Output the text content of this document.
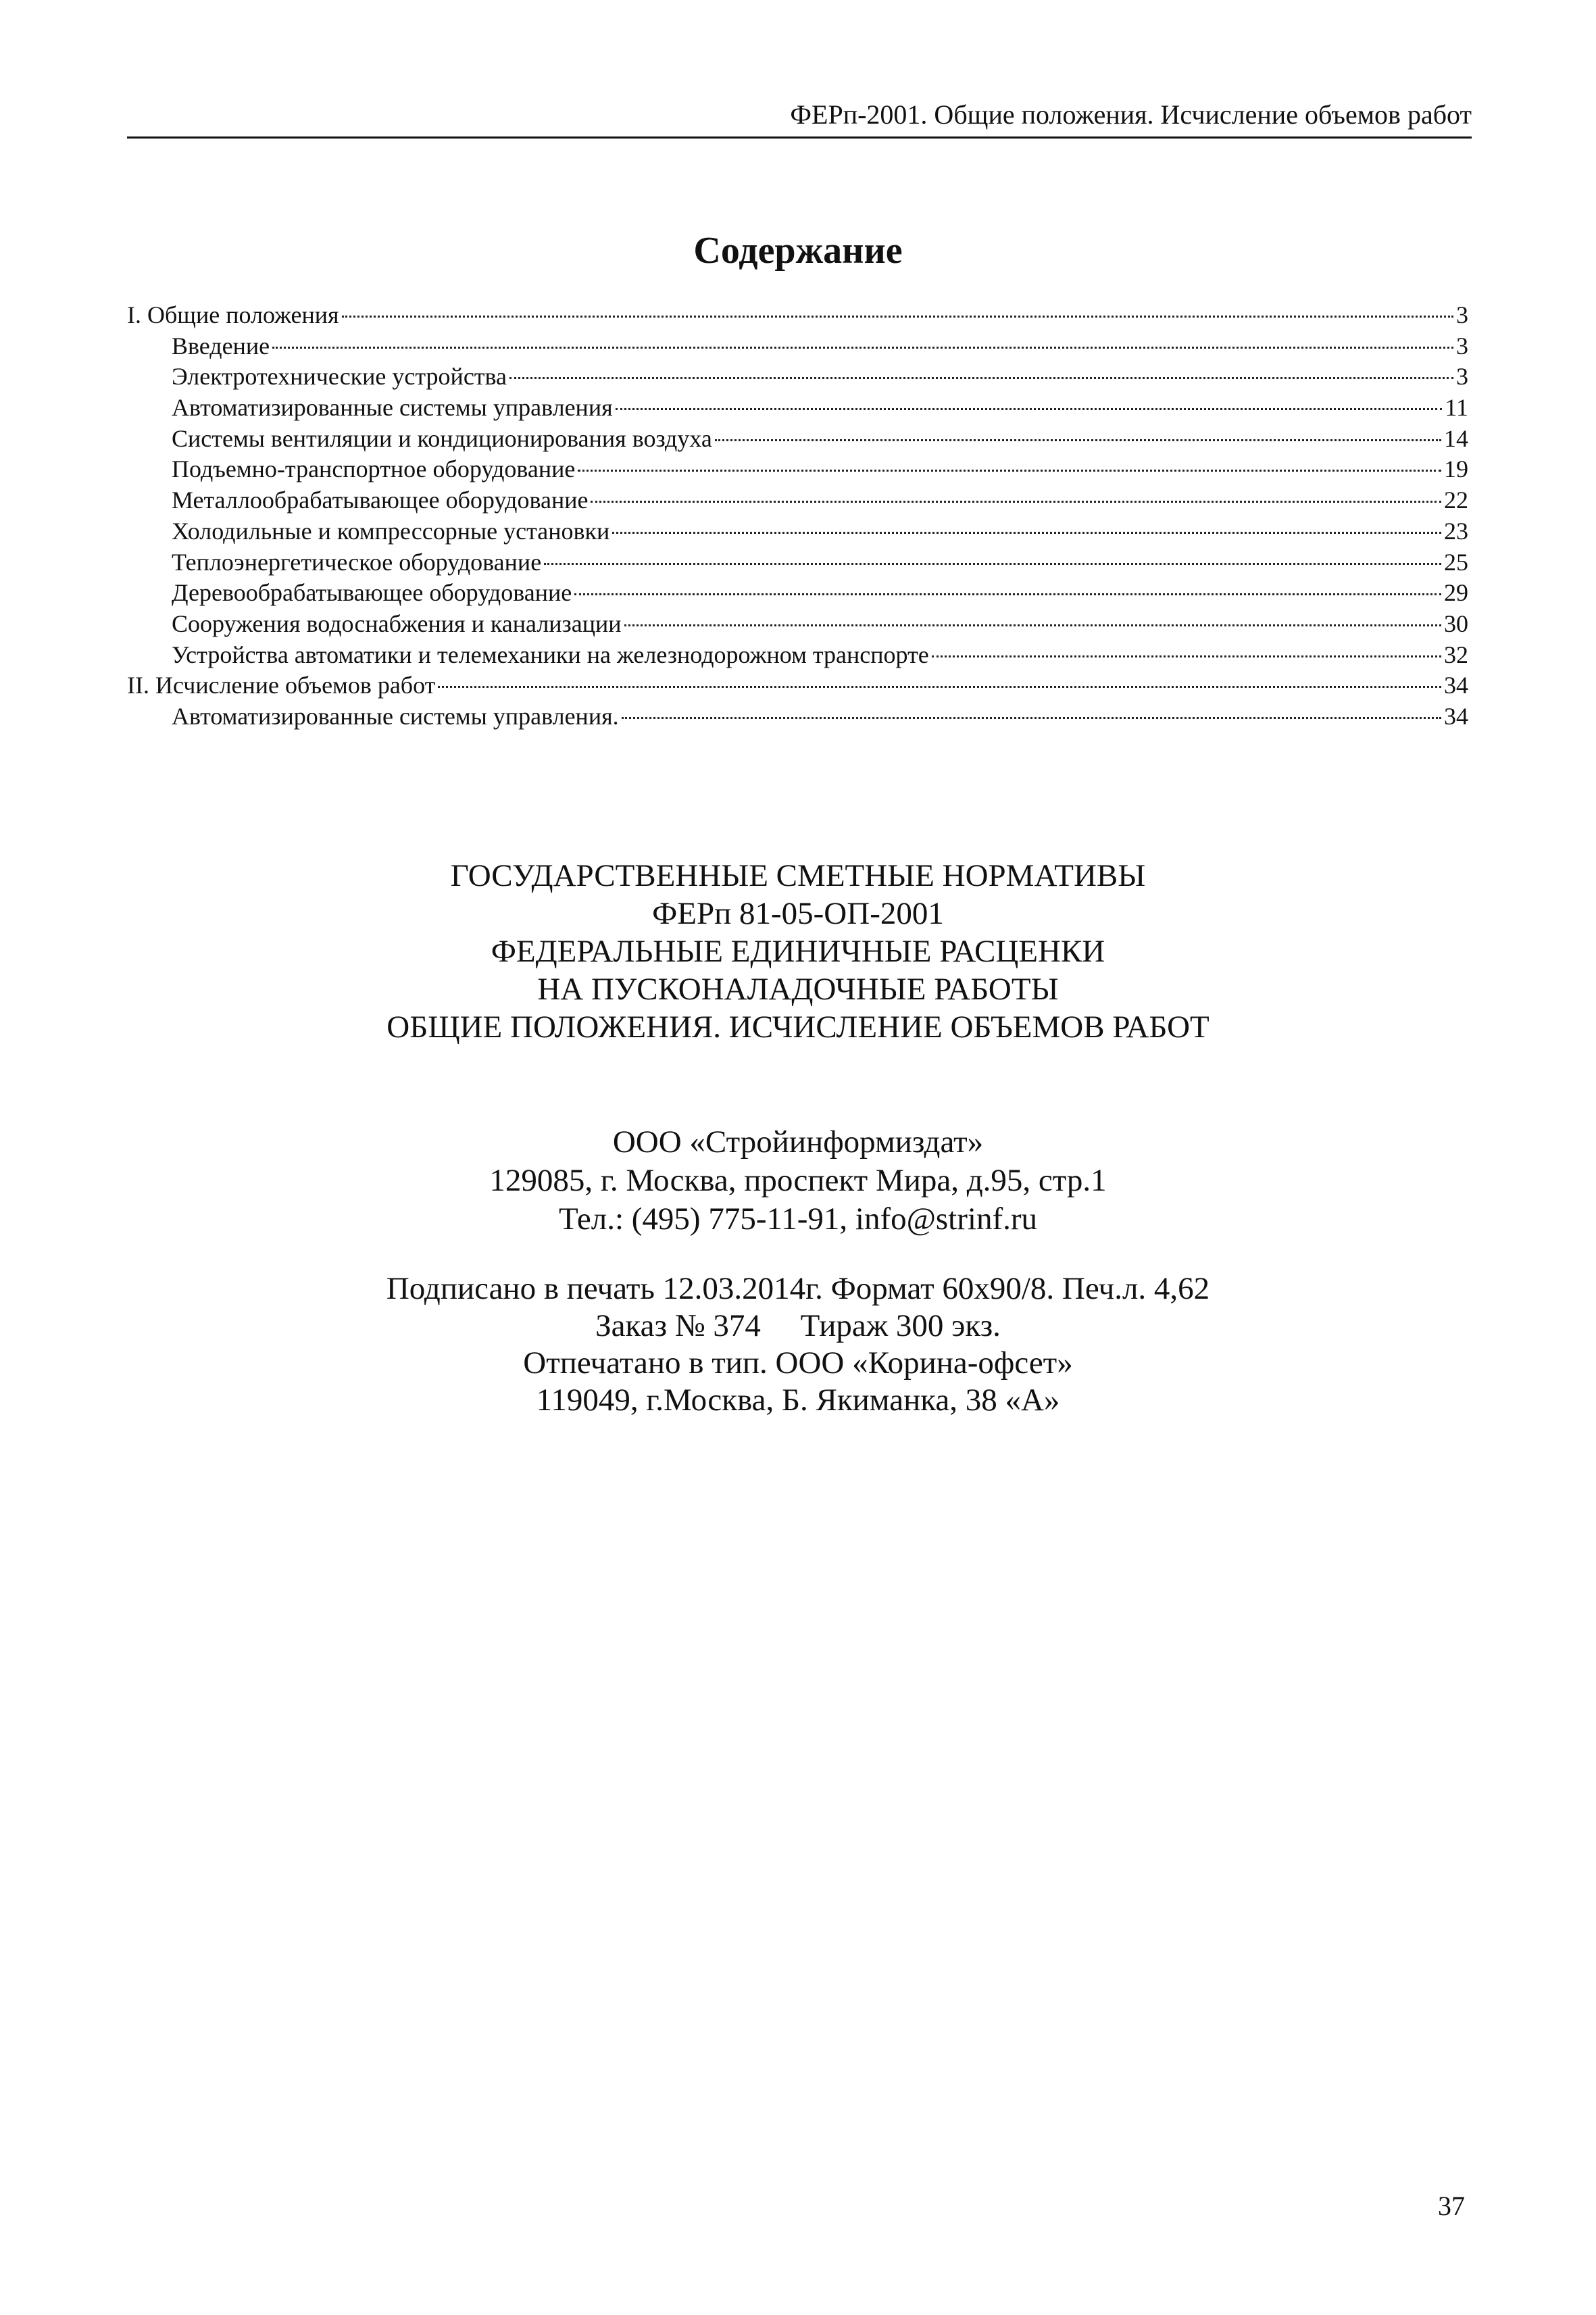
ФЕРп-2001. Общие положения. Исчисление объемов работ
Содержание
I. Общие положения	3
Введение	3
Электротехнические устройства	3
Автоматизированные системы управления	11
Системы вентиляции и кондиционирования воздуха	14
Подъемно-транспортное оборудование	19
Металлообрабатывающее оборудование	22
Холодильные и компрессорные установки	23
Теплоэнергетическое оборудование	25
Деревообрабатывающее оборудование	29
Сооружения водоснабжения и канализации	30
Устройства автоматики и телемеханики на железнодорожном транспорте	32
II. Исчисление объемов работ	34
Автоматизированные системы управления.	34
ГОСУДАРСТВЕННЫЕ СМЕТНЫЕ НОРМАТИВЫ
ФЕРп 81-05-ОП-2001
ФЕДЕРАЛЬНЫЕ ЕДИНИЧНЫЕ РАСЦЕНКИ
НА ПУСКОНАЛАДОЧНЫЕ РАБОТЫ
ОБЩИЕ ПОЛОЖЕНИЯ. ИСЧИСЛЕНИЕ ОБЪЕМОВ РАБОТ
ООО «Стройинформиздат»
129085, г. Москва, проспект Мира, д.95, стр.1
Тел.: (495) 775-11-91, info@strinf.ru
Подписано в печать 12.03.2014г. Формат 60х90/8. Печ.л. 4,62
Заказ № 374     Тираж 300 экз.
Отпечатано в тип. ООО «Корина-офсет»
119049, г.Москва, Б. Якиманка, 38 «А»
37
